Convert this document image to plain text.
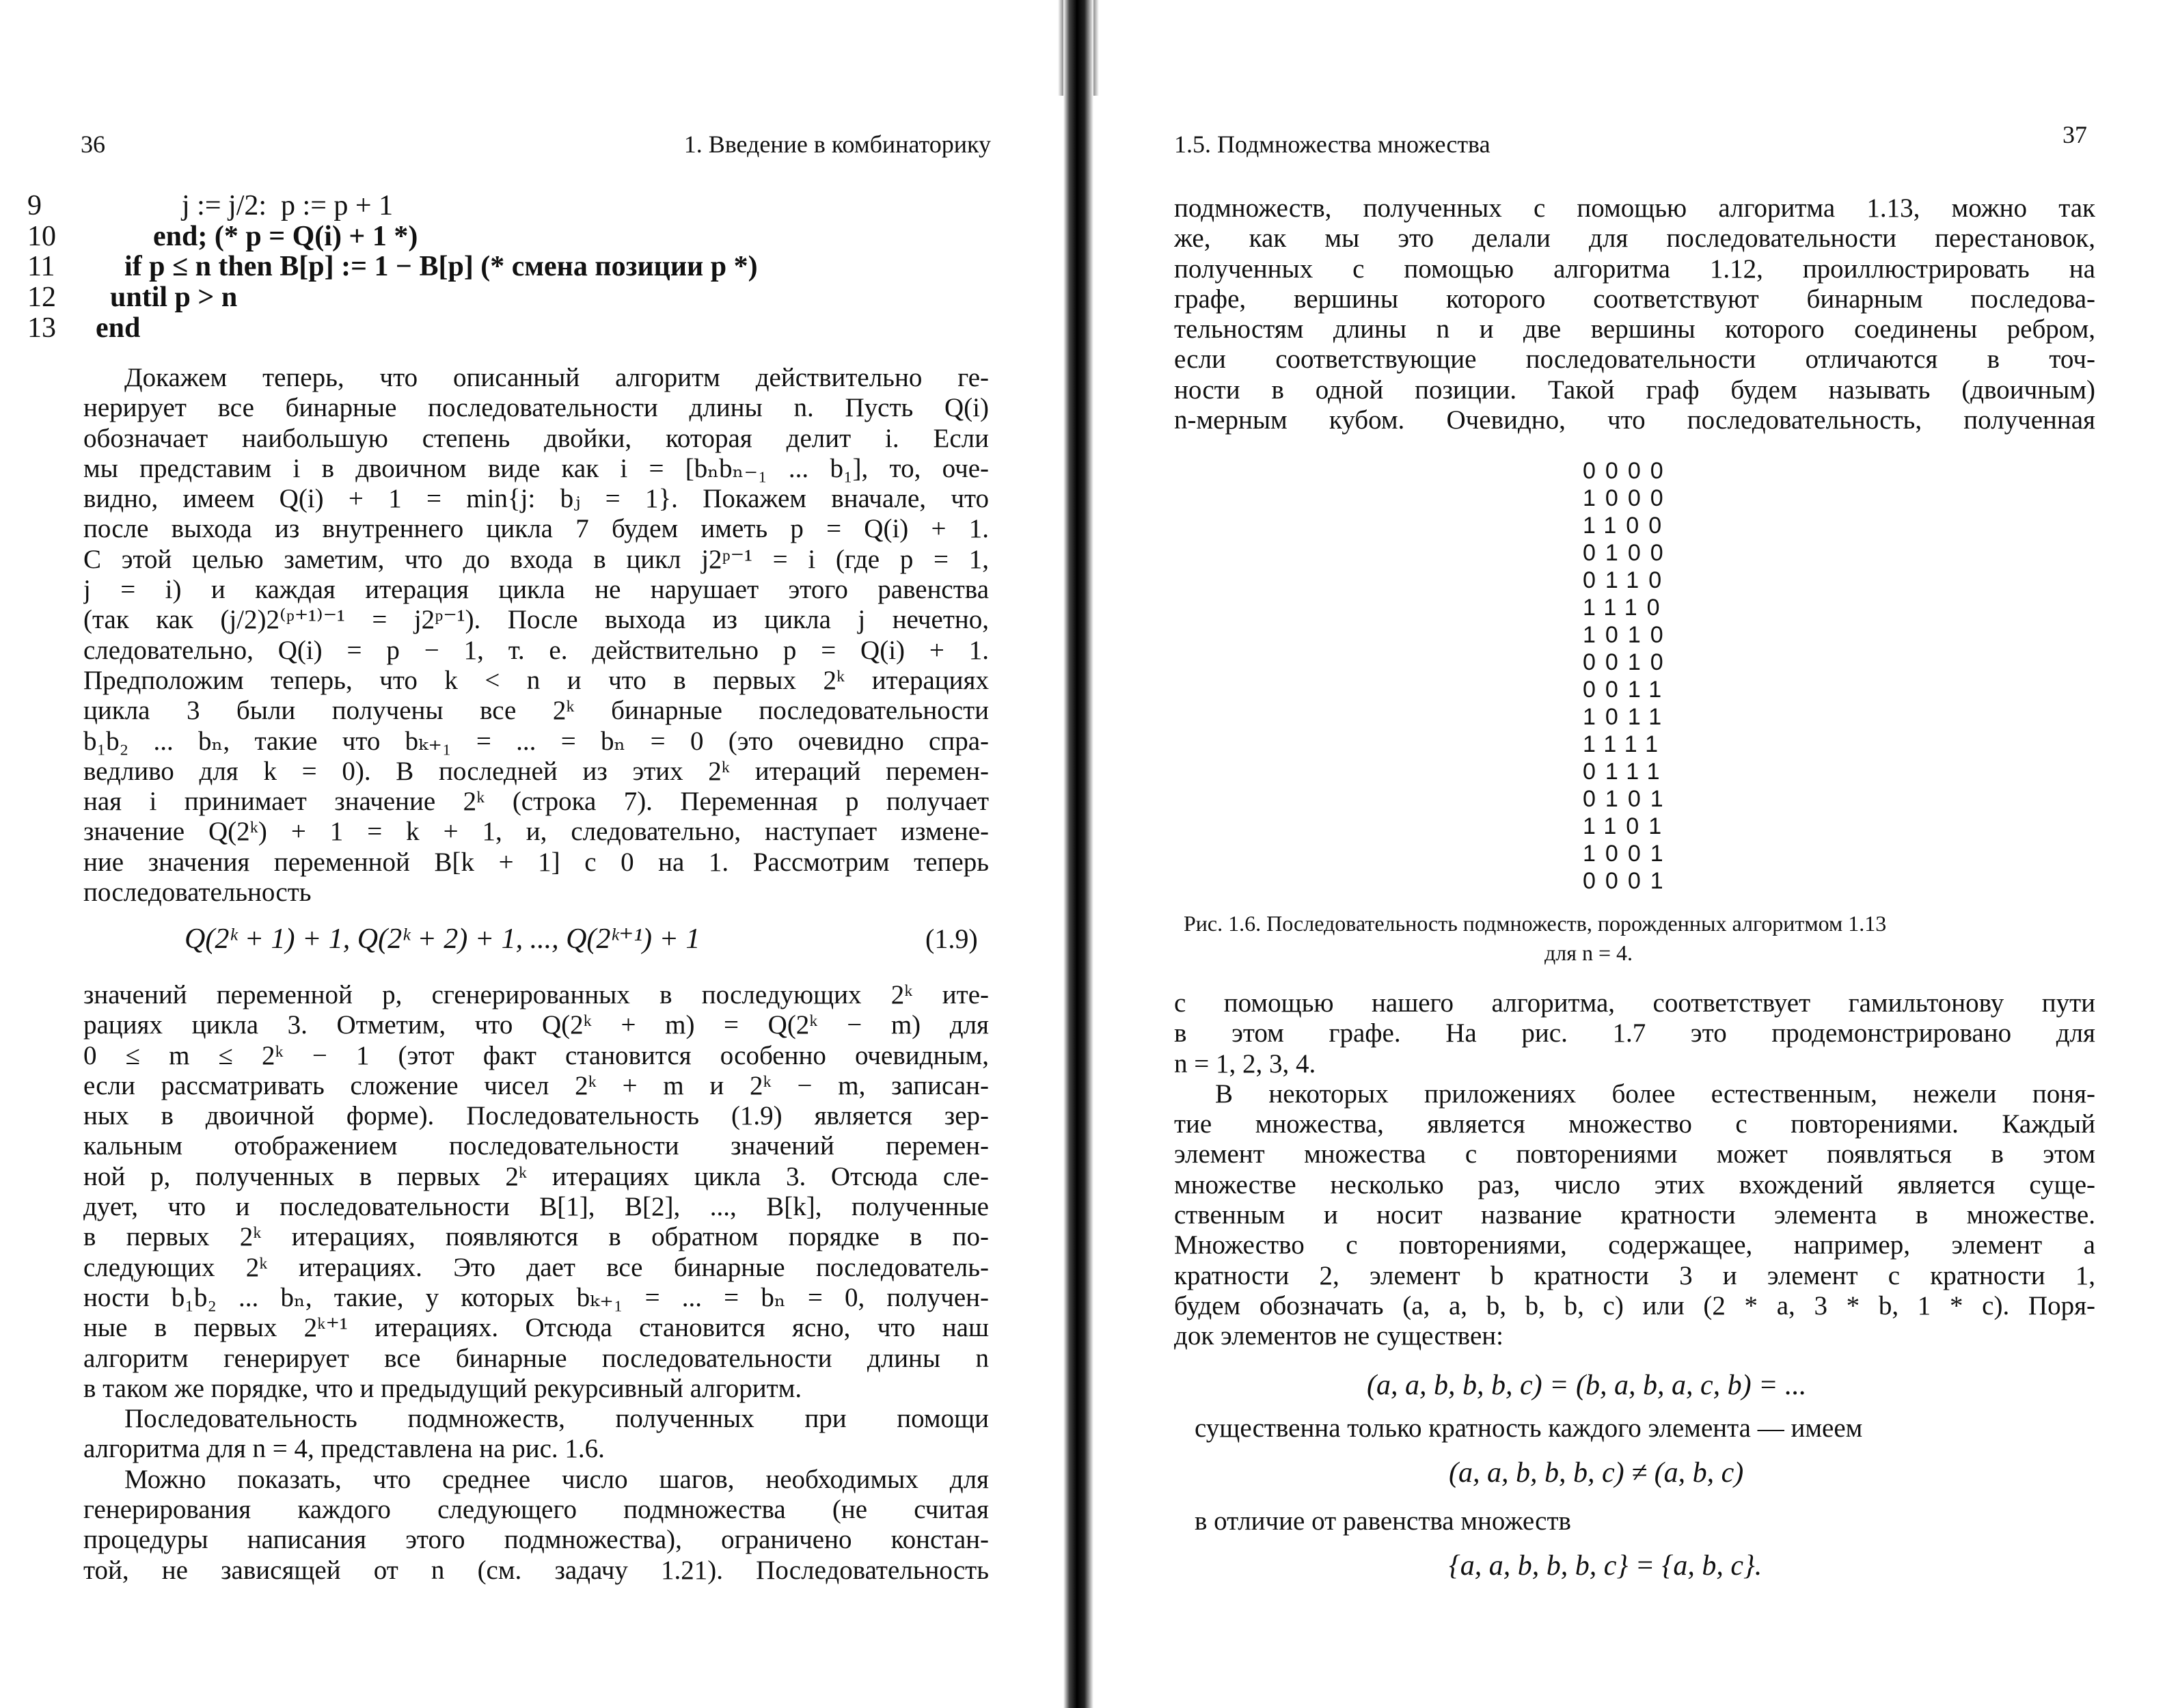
36	1. Введение в комбинаторику
9            j := j/2:  p := p + 1
10        end; (* p = Q(i) + 1 *)
11    if p ≤ n then B[p] := 1 − B[p] (* смена позиции p *)
12  until p > n
13 end
Докажем теперь, что описанный алгоритм действительно ге-
нерирует все бинарные последовательности длины n. Пусть Q(i)
обозначает наибольшую степень двойки, которая делит i. Если
мы представим i в двоичном виде как i = [bₙbₙ₋₁ ... b₁], то, оче-
видно, имеем Q(i) + 1 = min{j: bⱼ = 1}. Покажем вначале, что
после выхода из внутреннего цикла 7 будем иметь p = Q(i) + 1.
С этой целью заметим, что до входа в цикл j2ᵖ⁻¹ = i (где p = 1,
j = i) и каждая итерация цикла не нарушает этого равенства
(так как (j/2)2⁽ᵖ⁺¹⁾⁻¹ = j2ᵖ⁻¹). После выхода из цикла j нечетно,
следовательно, Q(i) = p − 1, т. е. действительно p = Q(i) + 1.
Предположим теперь, что k < n и что в первых 2ᵏ итерациях
цикла 3 были получены все 2ᵏ бинарные последовательности
b₁b₂ ... bₙ, такие что bₖ₊₁ = ... = bₙ = 0 (это очевидно спра-
ведливо для k = 0). В последней из этих 2ᵏ итераций перемен-
ная i принимает значение 2ᵏ (строка 7). Переменная p получает
значение Q(2ᵏ) + 1 = k + 1, и, следовательно, наступает измене-
ние значения переменной B[k + 1] с 0 на 1. Рассмотрим теперь
последовательность
Q(2ᵏ + 1) + 1, Q(2ᵏ + 2) + 1, ..., Q(2ᵏ⁺¹) + 1	(1.9)
значений переменной p, сгенерированных в последующих 2ᵏ ите-
рациях цикла 3. Отметим, что Q(2ᵏ + m) = Q(2ᵏ − m) для
0 ≤ m ≤ 2ᵏ − 1 (этот факт становится особенно очевидным,
если рассматривать сложение чисел 2ᵏ + m и 2ᵏ − m, записан-
ных в двоичной форме). Последовательность (1.9) является зер-
кальным отображением последовательности значений перемен-
ной p, полученных в первых 2ᵏ итерациях цикла 3. Отсюда сле-
дует, что и последовательности B[1], B[2], ..., B[k], полученные
в первых 2ᵏ итерациях, появляются в обратном порядке в по-
следующих 2ᵏ итерациях. Это дает все бинарные последователь-
ности b₁b₂ ... bₙ, такие, у которых bₖ₊₁ = ... = bₙ = 0, получен-
ные в первых 2ᵏ⁺¹ итерациях. Отсюда становится ясно, что наш
алгоритм генерирует все бинарные последовательности длины n
в таком же порядке, что и предыдущий рекурсивный алгоритм.
Последовательность подмножеств, полученных при помощи
алгоритма для n = 4, представлена на рис. 1.6.
Можно показать, что среднее число шагов, необходимых для
генерирования каждого следующего подмножества (не считая
процедуры написания этого подмножества), ограничено констан-
той, не зависящей от n (см. задачу 1.21). Последовательность
1.5. Подмножества множества	37
подмножеств, полученных с помощью алгоритма 1.13, можно так
же, как мы это делали для последовательности перестановок,
полученных с помощью алгоритма 1.12, проиллюстрировать на
графе, вершины которого соответствуют бинарным последова-
тельностям длины n и две вершины которого соединены ребром,
если соответствующие последовательности отличаются в точ-
ности в одной позиции. Такой граф будем называть (двоичным)
n-мерным кубом. Очевидно, что последовательность, полученная
0000
1000
1100
0100
0110
1110
1010
0010
0011
1011
1111
0111
0101
1101
1001
0001
Рис. 1.6. Последовательность подмножеств, порожденных алгоритмом 1.13
для n = 4.
с помощью нашего алгоритма, соответствует гамильтонову пути
в этом графе. На рис. 1.7 это продемонстрировано для
n = 1, 2, 3, 4.
В некоторых приложениях более естественным, нежели поня-
тие множества, является множество с повторениями. Каждый
элемент множества с повторениями может появляться в этом
множестве несколько раз, число этих вхождений является суще-
ственным и носит название кратности элемента в множестве.
Множество с повторениями, содержащее, например, элемент a
кратности 2, элемент b кратности 3 и элемент c кратности 1,
будем обозначать (a, a, b, b, b, c) или (2 * a, 3 * b, 1 * c). Поря-
док элементов не существен:
(a, a, b, b, b, c) = (b, a, b, a, c, b) = ...
существенна только кратность каждого элемента — имеем
(a, a, b, b, b, c) ≠ (a, b, c)
в отличие от равенства множеств
{a, a, b, b, b, c} = {a, b, c}.
